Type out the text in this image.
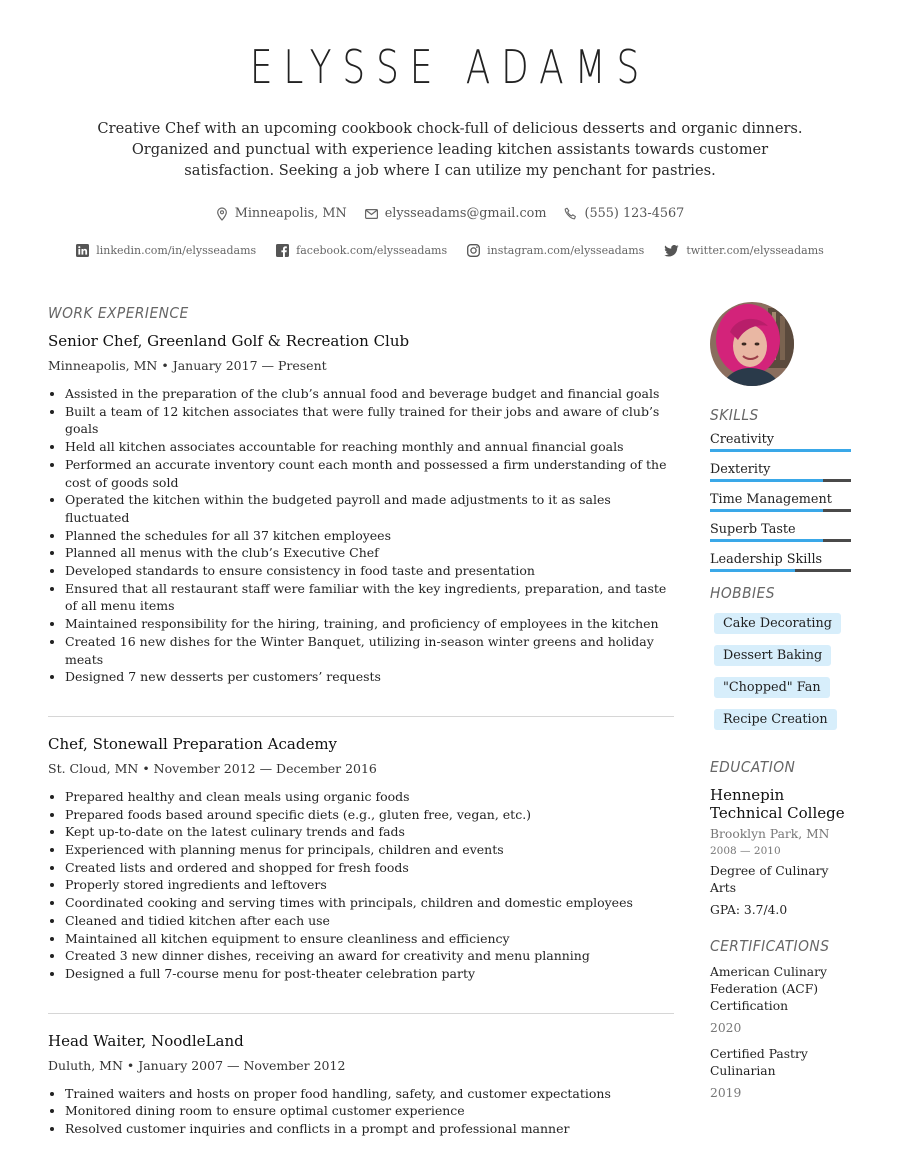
ELYSSE ADAMS
Creative Chef with an upcoming cookbook chock-full of delicious desserts and organic dinners. Organized and punctual with experience leading kitchen assistants towards customer satisfaction. Seeking a job where I can utilize my penchant for pastries.
Minneapolis, MN	elysseadams@gmail.com	(555) 123-4567
linkedin.com/in/elysseadams	facebook.com/elysseadams	instagram.com/elysseadams	twitter.com/elysseadams
WORK EXPERIENCE
Senior Chef, Greenland Golf & Recreation Club
Minneapolis, MN • January 2017 — Present
• Assisted in the preparation of the club’s annual food and beverage budget and financial goals
• Built a team of 12 kitchen associates that were fully trained for their jobs and aware of club’s goals
• Held all kitchen associates accountable for reaching monthly and annual financial goals
• Performed an accurate inventory count each month and possessed a firm understanding of the cost of goods sold
• Operated the kitchen within the budgeted payroll and made adjustments to it as sales fluctuated
• Planned the schedules for all 37 kitchen employees
• Planned all menus with the club’s Executive Chef
• Developed standards to ensure consistency in food taste and presentation
• Ensured that all restaurant staff were familiar with the key ingredients, preparation, and taste of all menu items
• Maintained responsibility for the hiring, training, and proficiency of employees in the kitchen
• Created 16 new dishes for the Winter Banquet, utilizing in-season winter greens and holiday meats
• Designed 7 new desserts per customers’ requests
Chef, Stonewall Preparation Academy
St. Cloud, MN • November 2012 — December 2016
• Prepared healthy and clean meals using organic foods
• Prepared foods based around specific diets (e.g., gluten free, vegan, etc.)
• Kept up-to-date on the latest culinary trends and fads
• Experienced with planning menus for principals, children and events
• Created lists and ordered and shopped for fresh foods
• Properly stored ingredients and leftovers
• Coordinated cooking and serving times with principals, children and domestic employees
• Cleaned and tidied kitchen after each use
• Maintained all kitchen equipment to ensure cleanliness and efficiency
• Created 3 new dinner dishes, receiving an award for creativity and menu planning
• Designed a full 7-course menu for post-theater celebration party
Head Waiter, NoodleLand
Duluth, MN • January 2007 — November 2012
• Trained waiters and hosts on proper food handling, safety, and customer expectations
• Monitored dining room to ensure optimal customer experience
• Resolved customer inquiries and conflicts in a prompt and professional manner
SKILLS
Creativity
Dexterity
Time Management
Superb Taste
Leadership Skills
HOBBIES
Cake Decorating
Dessert Baking
"Chopped" Fan
Recipe Creation
EDUCATION
Hennepin Technical College
Brooklyn Park, MN
2008 — 2010
Degree of Culinary Arts
GPA: 3.7/4.0
CERTIFICATIONS
American Culinary Federation (ACF) Certification
2020
Certified Pastry Culinarian
2019
